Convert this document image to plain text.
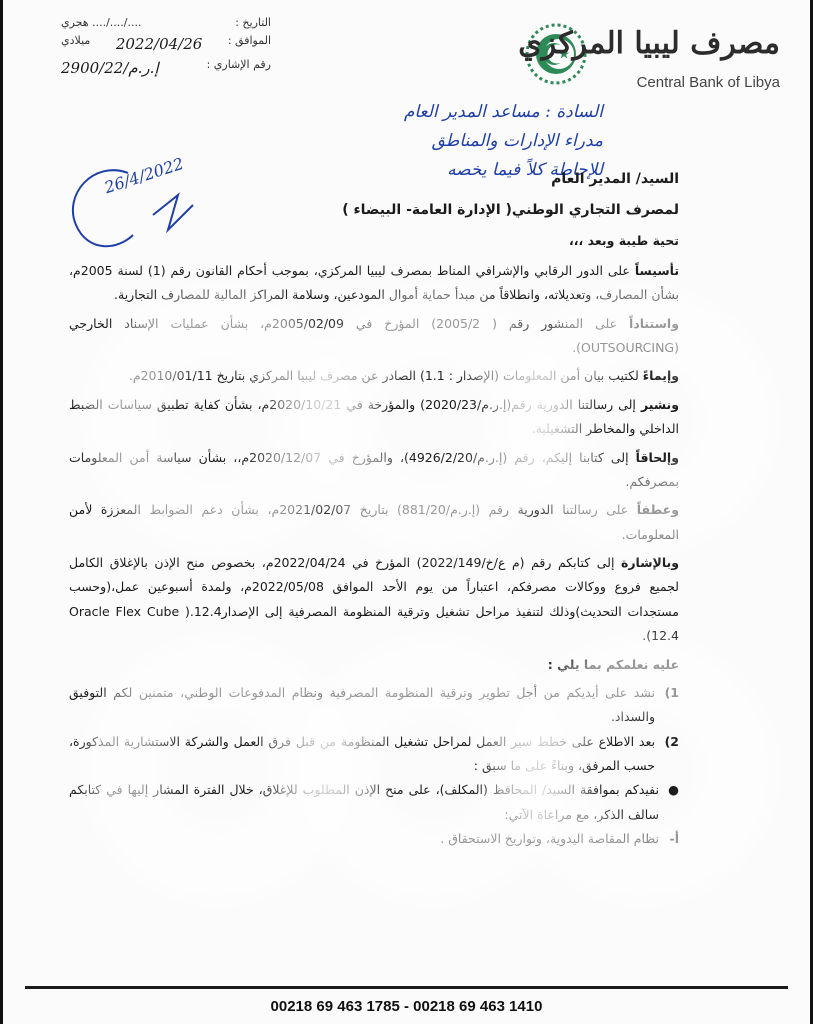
التاريخ :
..../..../.... هجري
الموافق :
2022/04/26
ميلادي
رقم الإشاري :
إ.ر.م/2900/22
مصرف ليبيا المركزي
Central Bank of Libya
السادة : مساعد المدير العام
مدراء الإدارات والمناطق
للإحاطة كلاً فيما يخصه
26/4/2022	السيد/ المدير العام

لمصرف التجاري الوطني( الإدارة العامة- البيضاء )

تحية طيبة وبعد ،،،

تأسيساً على الدور الرقابي والإشرافي المناط بمصرف ليبيا المركزي، بموجب أحكام القانون رقم (1) لسنة 2005م، بشأن المصارف، وتعديلاته، وانطلاقاً من مبدأ حماية أموال المودعين، وسلامة المراكز المالية للمصارف التجارية.

واستناداً على المنشور رقم ( 2005/2) المؤرخ في 2005/02/09م، بشأن عمليات الإسناد الخارجي (OUTSOURCING).

وإيماءً لكتيب بيان أمن المعلومات (الإصدار : 1.1) الصادر عن مصرف ليبيا المركزي بتاريخ 2010/01/11م.

ونشير إلى رسالتنا الدورية رقم(إ.ر.م/2020/23) والمؤرخة في 2020/10/21م، بشأن كفاية تطبيق سياسات الضبط الداخلي والمخاطر التشغيلية.

وإلحاقاً إلى كتابنا إليكم، رقم (إ.ر.م/4926/2/20)، والمؤرخ في 2020/12/07م،، بشأن سياسة أمن المعلومات بمصرفكم.

وعطفاً على رسالتنا الدورية رقم (إ.ر.م/881/20) بتاريخ 2021/02/07م، بشأن دعم الضوابط المعززة لأمن المعلومات.

وبالإشارة إلى كتابكم رقم (م ع/خ/2022/149) المؤرخ في 2022/04/24م، بخصوص منح الإذن بالإغلاق الكامل لجميع فروع ووكالات مصرفكم، اعتباراً من يوم الأحد الموافق 2022/05/08م، ولمدة أسبوعين عمل،(وحسب مستجدات التحديث)وذلك لتنفيذ مراحل تشغيل وترقية المنظومة المصرفية إلى الإصدار12.4.( Oracle Flex Cube 12.4).

عليه نعلمكم بما يلي :

1)
نشد على أيديكم من أجل تطوير وترقية المنظومة المصرفية ونظام المدفوعات الوطني، متمنين لكم التوفيق والسداد.
2)
بعد الاطلاع على خطط سير العمل لمراحل تشغيل المنظومة من قبل فرق العمل والشركة الاستشارية المذكورة، حسب المرفق، وبناءً على ما سبق :
●
نفيدكم بموافقة السيد/ المحافظ (المكلف)، على منح الإذن المطلوب للإغلاق، خلال الفترة المشار إليها في كتابكم سالف الذكر، مع مراعاة الآتي:
أ-
نظام المقاصة اليدوية، وتواريخ الاستحقاق .
00218 69 463 1785 - 00218 69 463 1410
